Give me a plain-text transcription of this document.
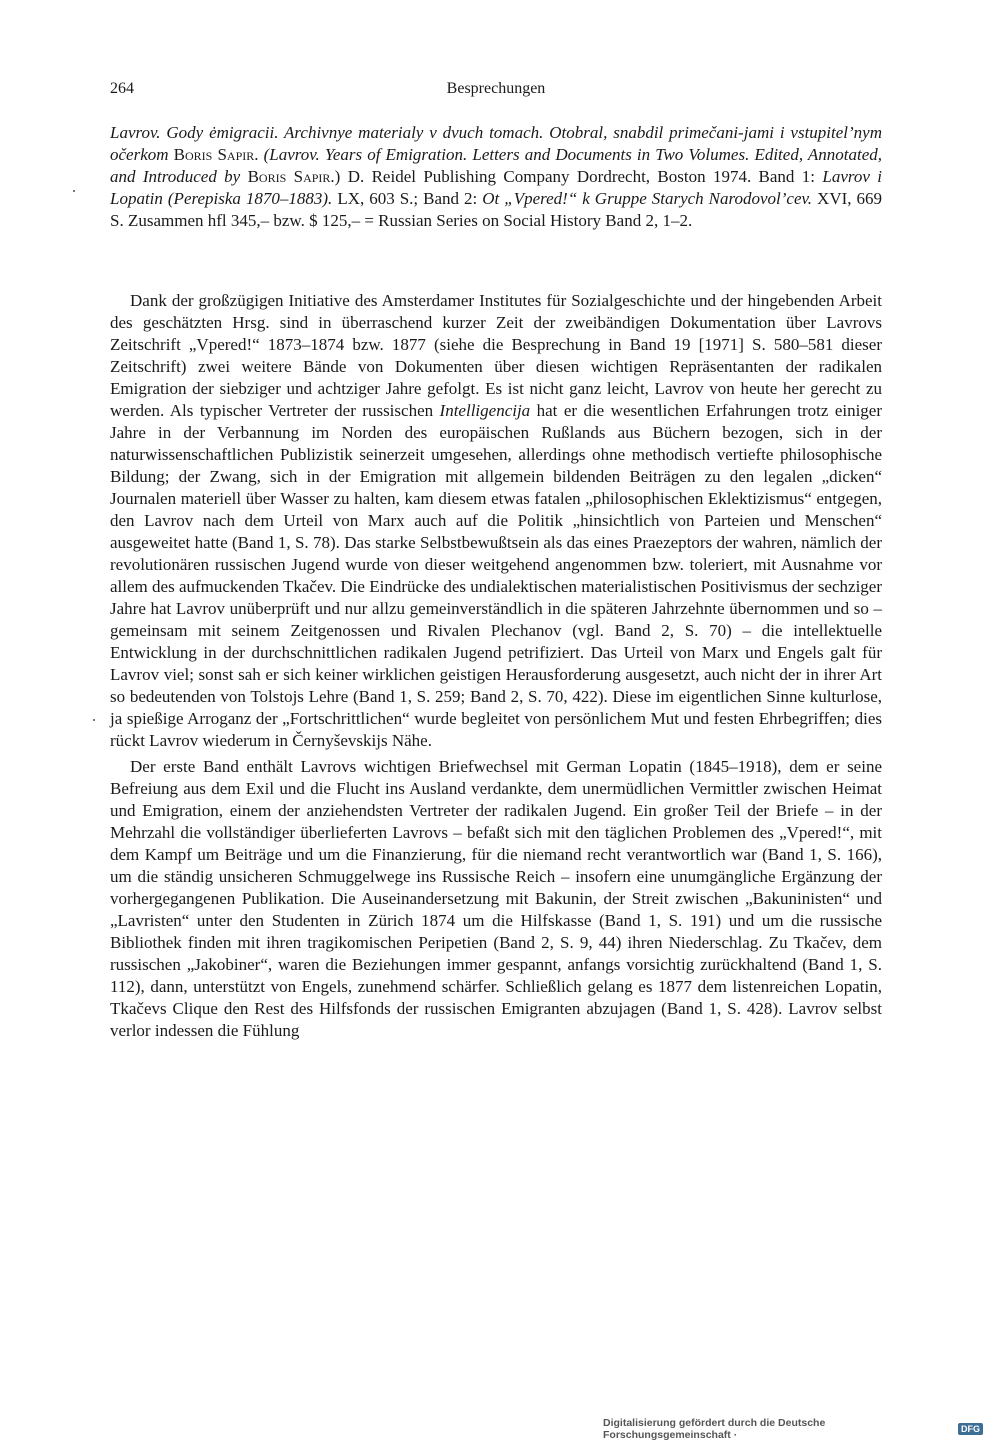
264	Besprechungen
Lavrov. Gody ėmigracii. Archivnye materialy v dvuch tomach. Otobral, snabdil primečani-jami i vstupitel’nym očerkom Boris Sapir. (Lavrov. Years of Emigration. Letters and Documents in Two Volumes. Edited, Annotated, and Introduced by Boris Sapir.) D. Reidel Publishing Company Dordrecht, Boston 1974. Band 1: Lavrov i Lopatin (Perepiska 1870–1883). LX, 603 S.; Band 2: Ot „Vpered!“ k Gruppe Starych Narodovol’cev. XVI, 669 S. Zusammen hfl 345,– bzw. $ 125,– = Russian Series on Social History Band 2, 1–2.

Dank der großzügigen Initiative des Amsterdamer Institutes für Sozialgeschichte und der hingebenden Arbeit des geschätzten Hrsg. sind in überraschend kurzer Zeit der zweibändigen Dokumentation über Lavrovs Zeitschrift „Vpered!“ 1873–1874 bzw. 1877 (siehe die Besprechung in Band 19 [1971] S. 580–581 dieser Zeitschrift) zwei weitere Bände von Dokumenten über diesen wichtigen Repräsentanten der radikalen Emigration der siebziger und achtziger Jahre gefolgt. Es ist nicht ganz leicht, Lavrov von heute her gerecht zu werden. Als typischer Vertreter der russischen Intelligencija hat er die wesentlichen Erfahrungen trotz einiger Jahre in der Verbannung im Norden des europäischen Rußlands aus Büchern bezogen, sich in der naturwissenschaftlichen Publizistik seinerzeit umgesehen, allerdings ohne methodisch vertiefte philosophische Bildung; der Zwang, sich in der Emigration mit allgemein bildenden Beiträgen zu den legalen „dicken“ Journalen materiell über Wasser zu halten, kam diesem etwas fatalen „philosophischen Eklektizismus“ entgegen, den Lavrov nach dem Urteil von Marx auch auf die Politik „hinsichtlich von Parteien und Menschen“ ausgeweitet hatte (Band 1, S. 78). Das starke Selbstbewußtsein als das eines Praezeptors der wahren, nämlich der revolutionären russischen Jugend wurde von dieser weitgehend angenommen bzw. toleriert, mit Ausnahme vor allem des aufmuckenden Tkačev. Die Eindrücke des undialektischen materialistischen Positivismus der sechziger Jahre hat Lavrov unüberprüft und nur allzu gemeinverständlich in die späteren Jahrzehnte übernommen und so – gemeinsam mit seinem Zeitgenossen und Rivalen Plechanov (vgl. Band 2, S. 70) – die intellektuelle Entwicklung in der durchschnittlichen radikalen Jugend petrifiziert. Das Urteil von Marx und Engels galt für Lavrov viel; sonst sah er sich keiner wirklichen geistigen Herausforderung ausgesetzt, auch nicht der in ihrer Art so bedeutenden von Tolstojs Lehre (Band 1, S. 259; Band 2, S. 70, 422). Diese im eigentlichen Sinne kulturlose, ja spießige Arroganz der „Fortschrittlichen“ wurde begleitet von persönlichem Mut und festen Ehrbegriffen; dies rückt Lavrov wiederum in Černyševskijs Nähe.

Der erste Band enthält Lavrovs wichtigen Briefwechsel mit German Lopatin (1845–1918), dem er seine Befreiung aus dem Exil und die Flucht ins Ausland verdankte, dem unermüdlichen Vermittler zwischen Heimat und Emigration, einem der anziehendsten Vertreter der radikalen Jugend. Ein großer Teil der Briefe – in der Mehrzahl die vollständiger überlieferten Lavrovs – befaßt sich mit den täglichen Problemen des „Vpered!“, mit dem Kampf um Beiträge und um die Finanzierung, für die niemand recht verantwortlich war (Band 1, S. 166), um die ständig unsicheren Schmuggelwege ins Russische Reich – insofern eine unumgängliche Ergänzung der vorhergegangenen Publikation. Die Auseinandersetzung mit Bakunin, der Streit zwischen „Bakuninisten“ und „Lavristen“ unter den Studenten in Zürich 1874 um die Hilfskasse (Band 1, S. 191) und um die russische Bibliothek finden mit ihren tragikomischen Peripetien (Band 2, S. 9, 44) ihren Niederschlag. Zu Tkačev, dem russischen „Jakobiner“, waren die Beziehungen immer gespannt, anfangs vorsichtig zurückhaltend (Band 1, S. 112), dann, unterstützt von Engels, zunehmend schärfer. Schließlich gelang es 1877 dem listenreichen Lopatin, Tkačevs Clique den Rest des Hilfsfonds der russischen Emigranten abzujagen (Band 1, S. 428). Lavrov selbst verlor indessen die Fühlung

Digitalisierung gefördert durch die Deutsche Forschungsgemeinschaft ·	DFG
